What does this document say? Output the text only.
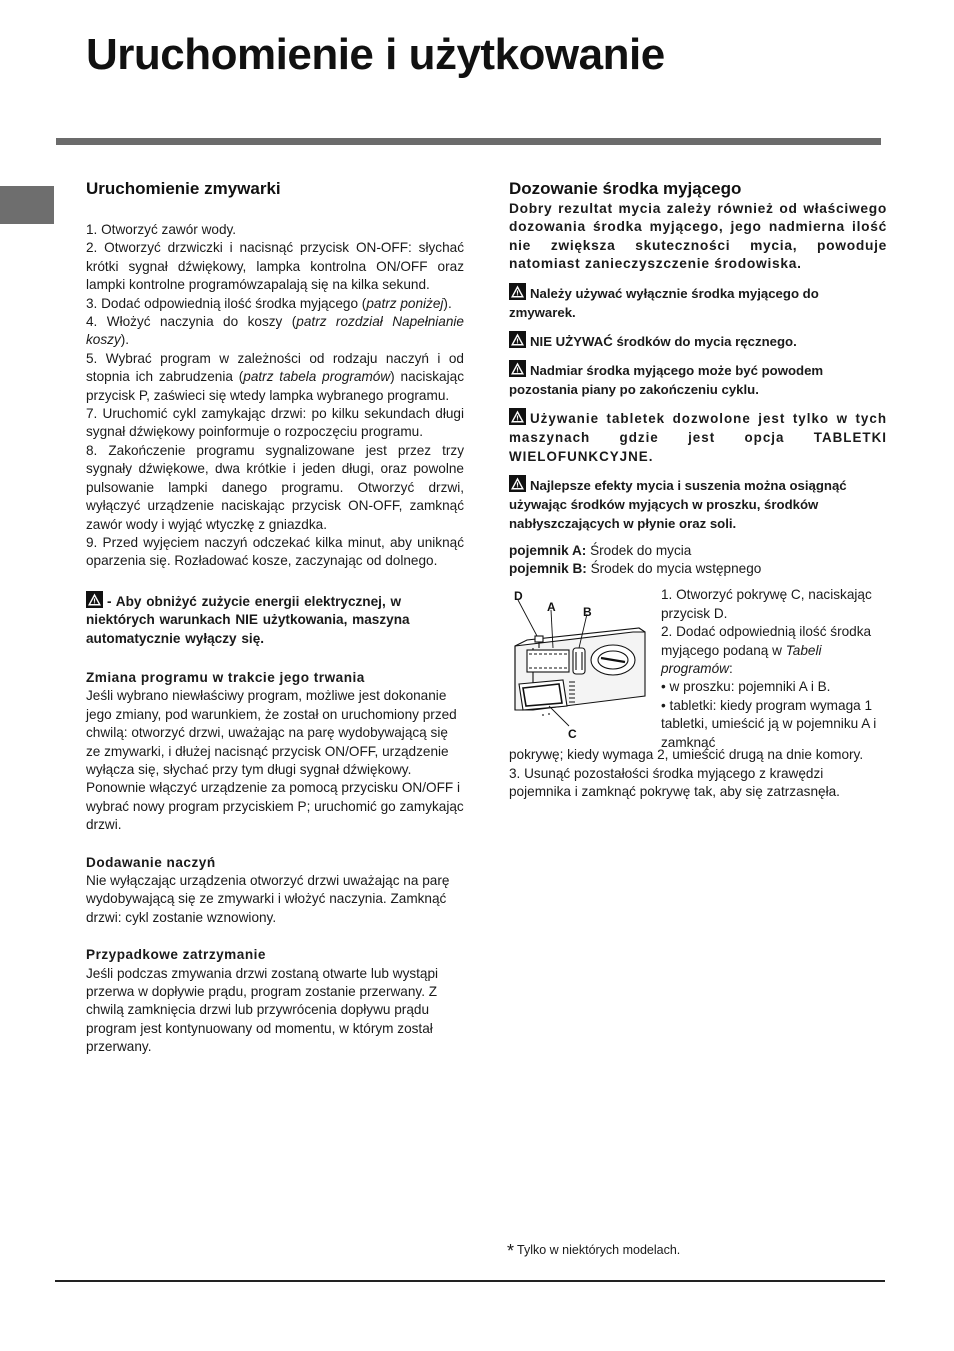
Uruchomienie i użytkowanie
Uruchomienie zmywarki

1. Otworzyć zawór wody.

2. Otworzyć drzwiczki i nacisnąć przycisk ON-OFF: słychać krótki sygnał dźwiękowy, lampka kontrolna ON/OFF oraz lampki kontrolne programówzapalają się na kilka sekund.

3. Dodać odpowiednią ilość środka myjącego (patrz poniżej).

4. Włożyć naczynia do koszy (patrz rozdział Napełnianie koszy).

5. Wybrać program w zależności od rodzaju naczyń i od stopnia ich zabrudzenia (patrz tabela programów) naciskając przycisk P, zaświeci się wtedy lampka wybranego programu.

7. Uruchomić cykl zamykając drzwi: po kilku sekundach długi sygnał dźwiękowy poinformuje o rozpoczęciu programu.

8. Zakończenie programu sygnalizowane jest przez trzy sygnały dźwiękowe, dwa krótkie i jeden długi, oraz powolne pulsowanie lampki danego programu. Otworzyć drzwi, wyłączyć urządzenie naciskając przycisk ON-OFF, zamknąć zawór wody i wyjąć wtyczkę z gniazdka.

9. Przed wyjęciem naczyń odczekać kilka minut, aby uniknąć oparzenia się. Rozładować kosze, zaczynając od dolnego.

- Aby obniżyć zużycie energii elektrycznej, w niektórych warunkach NIE użytkowania, maszyna automatycznie wyłączy się.

Zmiana programu w trakcie jego trwania

Jeśli wybrano niewłaściwy program, możliwe jest dokonanie jego zmiany, pod warunkiem, że został on uruchomiony przed chwilą: otworzyć drzwi, uważając na parę wydobywającą się ze zmywarki, i dłużej nacisnąć przycisk ON/OFF, urządzenie wyłącza się, słychać przy tym długi sygnał dźwiękowy. Ponownie włączyć urządzenie za pomocą przycisku ON/OFF i wybrać nowy program przyciskiem P; uruchomić go zamykając drzwi.

Dodawanie naczyń

Nie wyłączając urządzenia otworzyć drzwi uważając na parę wydobywającą się ze zmywarki i włożyć naczynia. Zamknąć drzwi: cykl zostanie wznowiony.

Przypadkowe zatrzymanie

Jeśli podczas zmywania drzwi zostaną otwarte lub wystąpi przerwa w dopływie prądu, program zostanie przerwany. Z chwilą zamknięcia drzwi lub przywrócenia dopływu prądu program jest kontynuowany od momentu, w którym został przerwany.

Dozowanie środka myjącego

Dobry rezultat mycia zależy również od właściwego dozowania środka myjącego, jego nadmierna ilość nie zwiększa skuteczności mycia, powoduje natomiast zanieczyszczenie środowiska.

Należy używać wyłącznie środka myjącego do zmywarek.

NIE UŻYWAĆ środków do mycia ręcznego.

Nadmiar środka myjącego może być powodem pozostania piany po zakończeniu cyklu.

Używanie tabletek dozwolone jest tylko w tych maszynach gdzie jest opcja TABLETKI WIELOFUNKCYJNE.

Najlepsze efekty mycia i suszenia można osiągnąć używając środków myjących w proszku, środków nabłyszczających w płynie oraz soli.

pojemnik A: Środek do mycia

pojemnik B: Środek do mycia wstępnego

D
A B
C

1. Otworzyć pokrywę C, naciskając przycisk D.

2. Dodać odpowiednią ilość środka myjącego podaną w Tabeli programów:

• w proszku: pojemniki A i B.

• tabletki: kiedy program wymaga 1 tabletki, umieścić ją w pojemniku A i zamknąć

pokrywę; kiedy wymaga 2, umieścić drugą na dnie komory.

3. Usunąć pozostałości środka myjącego z krawędzi pojemnika i zamknąć pokrywę tak, aby się zatrzasnęła.

* Tylko w niektórych modelach.
